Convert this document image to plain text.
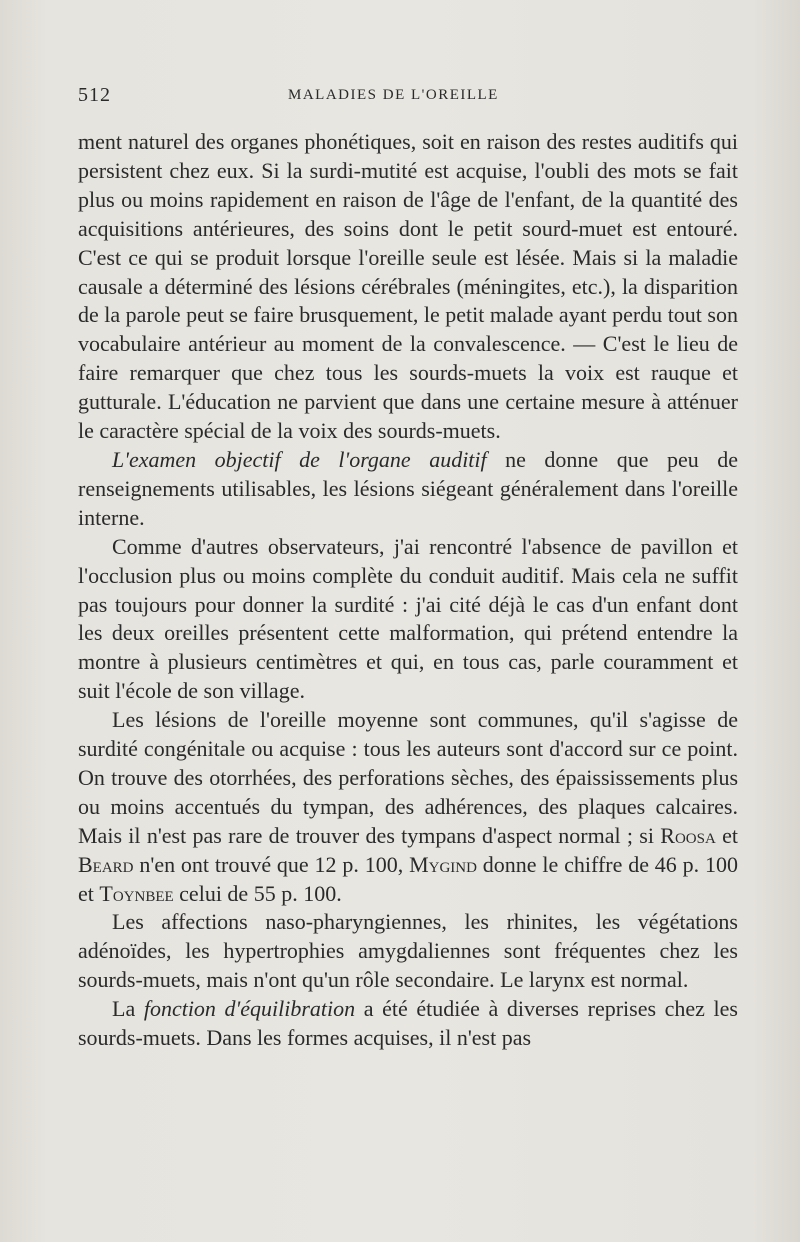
512	MALADIES DE L'OREILLE

ment naturel des organes phonétiques, soit en raison des restes auditifs qui persistent chez eux. Si la surdi-mutité est acquise, l'oubli des mots se fait plus ou moins rapidement en raison de l'âge de l'enfant, de la quantité des acquisitions antérieures, des soins dont le petit sourd-muet est entouré. C'est ce qui se produit lorsque l'oreille seule est lésée. Mais si la maladie causale a déterminé des lésions cérébrales (méningites, etc.), la disparition de la parole peut se faire brusquement, le petit malade ayant perdu tout son vocabulaire antérieur au moment de la convalescence. — C'est le lieu de faire remarquer que chez tous les sourds-muets la voix est rauque et gutturale. L'éducation ne parvient que dans une certaine mesure à atténuer le caractère spécial de la voix des sourds-muets.

L'examen objectif de l'organe auditif ne donne que peu de renseignements utilisables, les lésions siégeant généralement dans l'oreille interne.

Comme d'autres observateurs, j'ai rencontré l'absence de pavillon et l'occlusion plus ou moins complète du conduit auditif. Mais cela ne suffit pas toujours pour donner la surdité : j'ai cité déjà le cas d'un enfant dont les deux oreilles présentent cette malformation, qui prétend entendre la montre à plusieurs centimètres et qui, en tous cas, parle couramment et suit l'école de son village.

Les lésions de l'oreille moyenne sont communes, qu'il s'agisse de surdité congénitale ou acquise : tous les auteurs sont d'accord sur ce point. On trouve des otorrhées, des perforations sèches, des épaississements plus ou moins accentués du tympan, des adhérences, des plaques calcaires. Mais il n'est pas rare de trouver des tympans d'aspect normal ; si Roosa et Beard n'en ont trouvé que 12 p. 100, Mygind donne le chiffre de 46 p. 100 et Toynbee celui de 55 p. 100.

Les affections naso-pharyngiennes, les rhinites, les végétations adénoïdes, les hypertrophies amygdaliennes sont fréquentes chez les sourds-muets, mais n'ont qu'un rôle secondaire. Le larynx est normal.

La fonction d'équilibration a été étudiée à diverses reprises chez les sourds-muets. Dans les formes acquises, il n'est pas
